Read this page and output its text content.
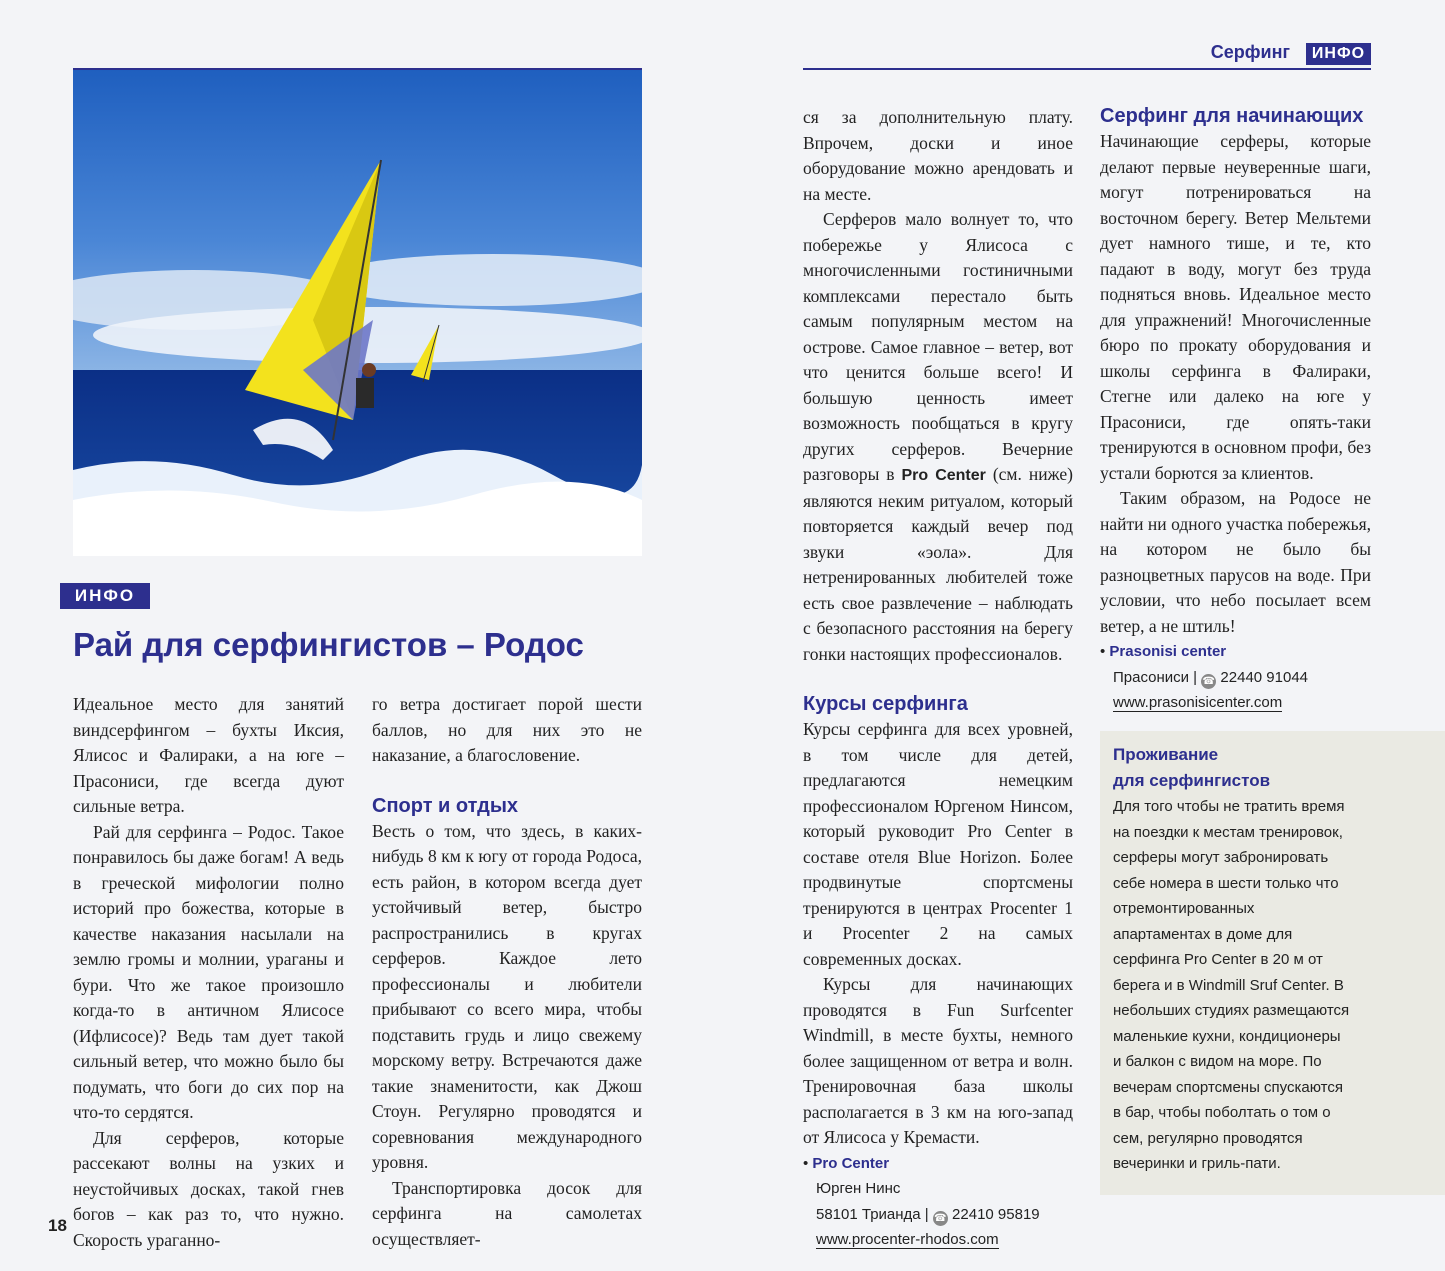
Серфинг	ИНФО
ИНФО
Рай для серфингистов – Родос

Идеальное место для занятий виндсерфингом – бухты Иксия, Ялисос и Фалираки, а на юге – Прасониси, где всегда дуют сильные ветра.

Рай для серфинга – Родос. Такое понравилось бы даже богам! А ведь в греческой мифологии полно историй про божества, которые в качестве наказания насылали на землю громы и молнии, ураганы и бури. Что же такое произошло когда-то в античном Ялисосе (Ифлисосе)? Ведь там дует такой сильный ветер, что можно было бы подумать, что боги до сих пор на что-то сердятся.

Для серферов, которые рассекают волны на узких и неустойчивых досках, такой гнев богов – как раз то, что нужно. Скорость ураганно-

го ветра достигает порой шести баллов, но для них это не наказание, а благословение.

Спорт и отдых

Весть о том, что здесь, в каких-нибудь 8 км к югу от города Родоса, есть район, в котором всегда дует устойчивый ветер, быстро распространились в кругах серферов. Каждое лето профессионалы и любители прибывают со всего мира, чтобы подставить грудь и лицо свежему морскому ветру. Встречаются даже такие знаменитости, как Джош Стоун. Регулярно проводятся и соревнования международного уровня.

Транспортировка досок для серфинга на самолетах осуществляет-

ся за дополнительную плату. Впрочем, доски и иное оборудование можно арендовать и на месте.

Серферов мало волнует то, что побережье у Ялисоса с многочисленными гостиничными комплексами перестало быть самым популярным местом на острове. Самое главное – ветер, вот что ценится больше всего! И большую ценность имеет возможность пообщаться в кругу других серферов. Вечерние разговоры в Pro Center (см. ниже) являются неким ритуалом, который повторяется каждый вечер под звуки «эола». Для нетренированных любителей тоже есть свое развлечение – наблюдать с безопасного расстояния на берегу гонки настоящих профессионалов.

Курсы серфинга

Курсы серфинга для всех уровней, в том числе для детей, предлагаются немецким профессионалом Юргеном Нинсом, который руководит Pro Center в составе отеля Blue Horizon. Более продвинутые спортсмены тренируются в центрах Procenter 1 и Procenter 2 на самых современных досках.

Курсы для начинающих проводятся в Fun Surfcenter Windmill, в месте бухты, немного более защищенном от ветра и волн. Тренировочная база школы располагается в 3 км на юго-запад от Ялисоса у Кремасти.

• Pro Center
Юрген Нинс
58101 Трианда | ☎ 22410 95819
www.procenter-rhodos.com
Серфинг для начинающих

Начинающие серферы, которые делают первые неуверенные шаги, могут потренироваться на восточном берегу. Ветер Мельтеми дует намного тише, и те, кто падают в воду, могут без труда подняться вновь. Идеальное место для упражнений! Многочисленные бюро по прокату оборудования и школы серфинга в Фалираки, Стегне или далеко на юге у Прасониси, где опять-таки тренируются в основном профи, без устали борются за клиентов.

Таким образом, на Родосе не найти ни одного участка побережья, на котором не было бы разноцветных парусов на воде. При условии, что небо посылает всем ветер, а не штиль!

• Prasonisi center
Прасониси | ☎ 22440 91044
www.prasonisicenter.com
Проживание
для серфингистов

Для того чтобы не тратить время на поездки к местам тренировок, серферы могут забронировать себе номера в шести только что отремонтированных апартаментах в доме для серфинга Pro Center в 20 м от берега и в Windmill Sruf Center. В небольших студиях размещаются маленькие кухни, кондиционеры и балкон с видом на море. По вечерам спортсмены спускаются в бар, чтобы поболтать о том о сем, регулярно проводятся вечеринки и гриль-пати.

18
